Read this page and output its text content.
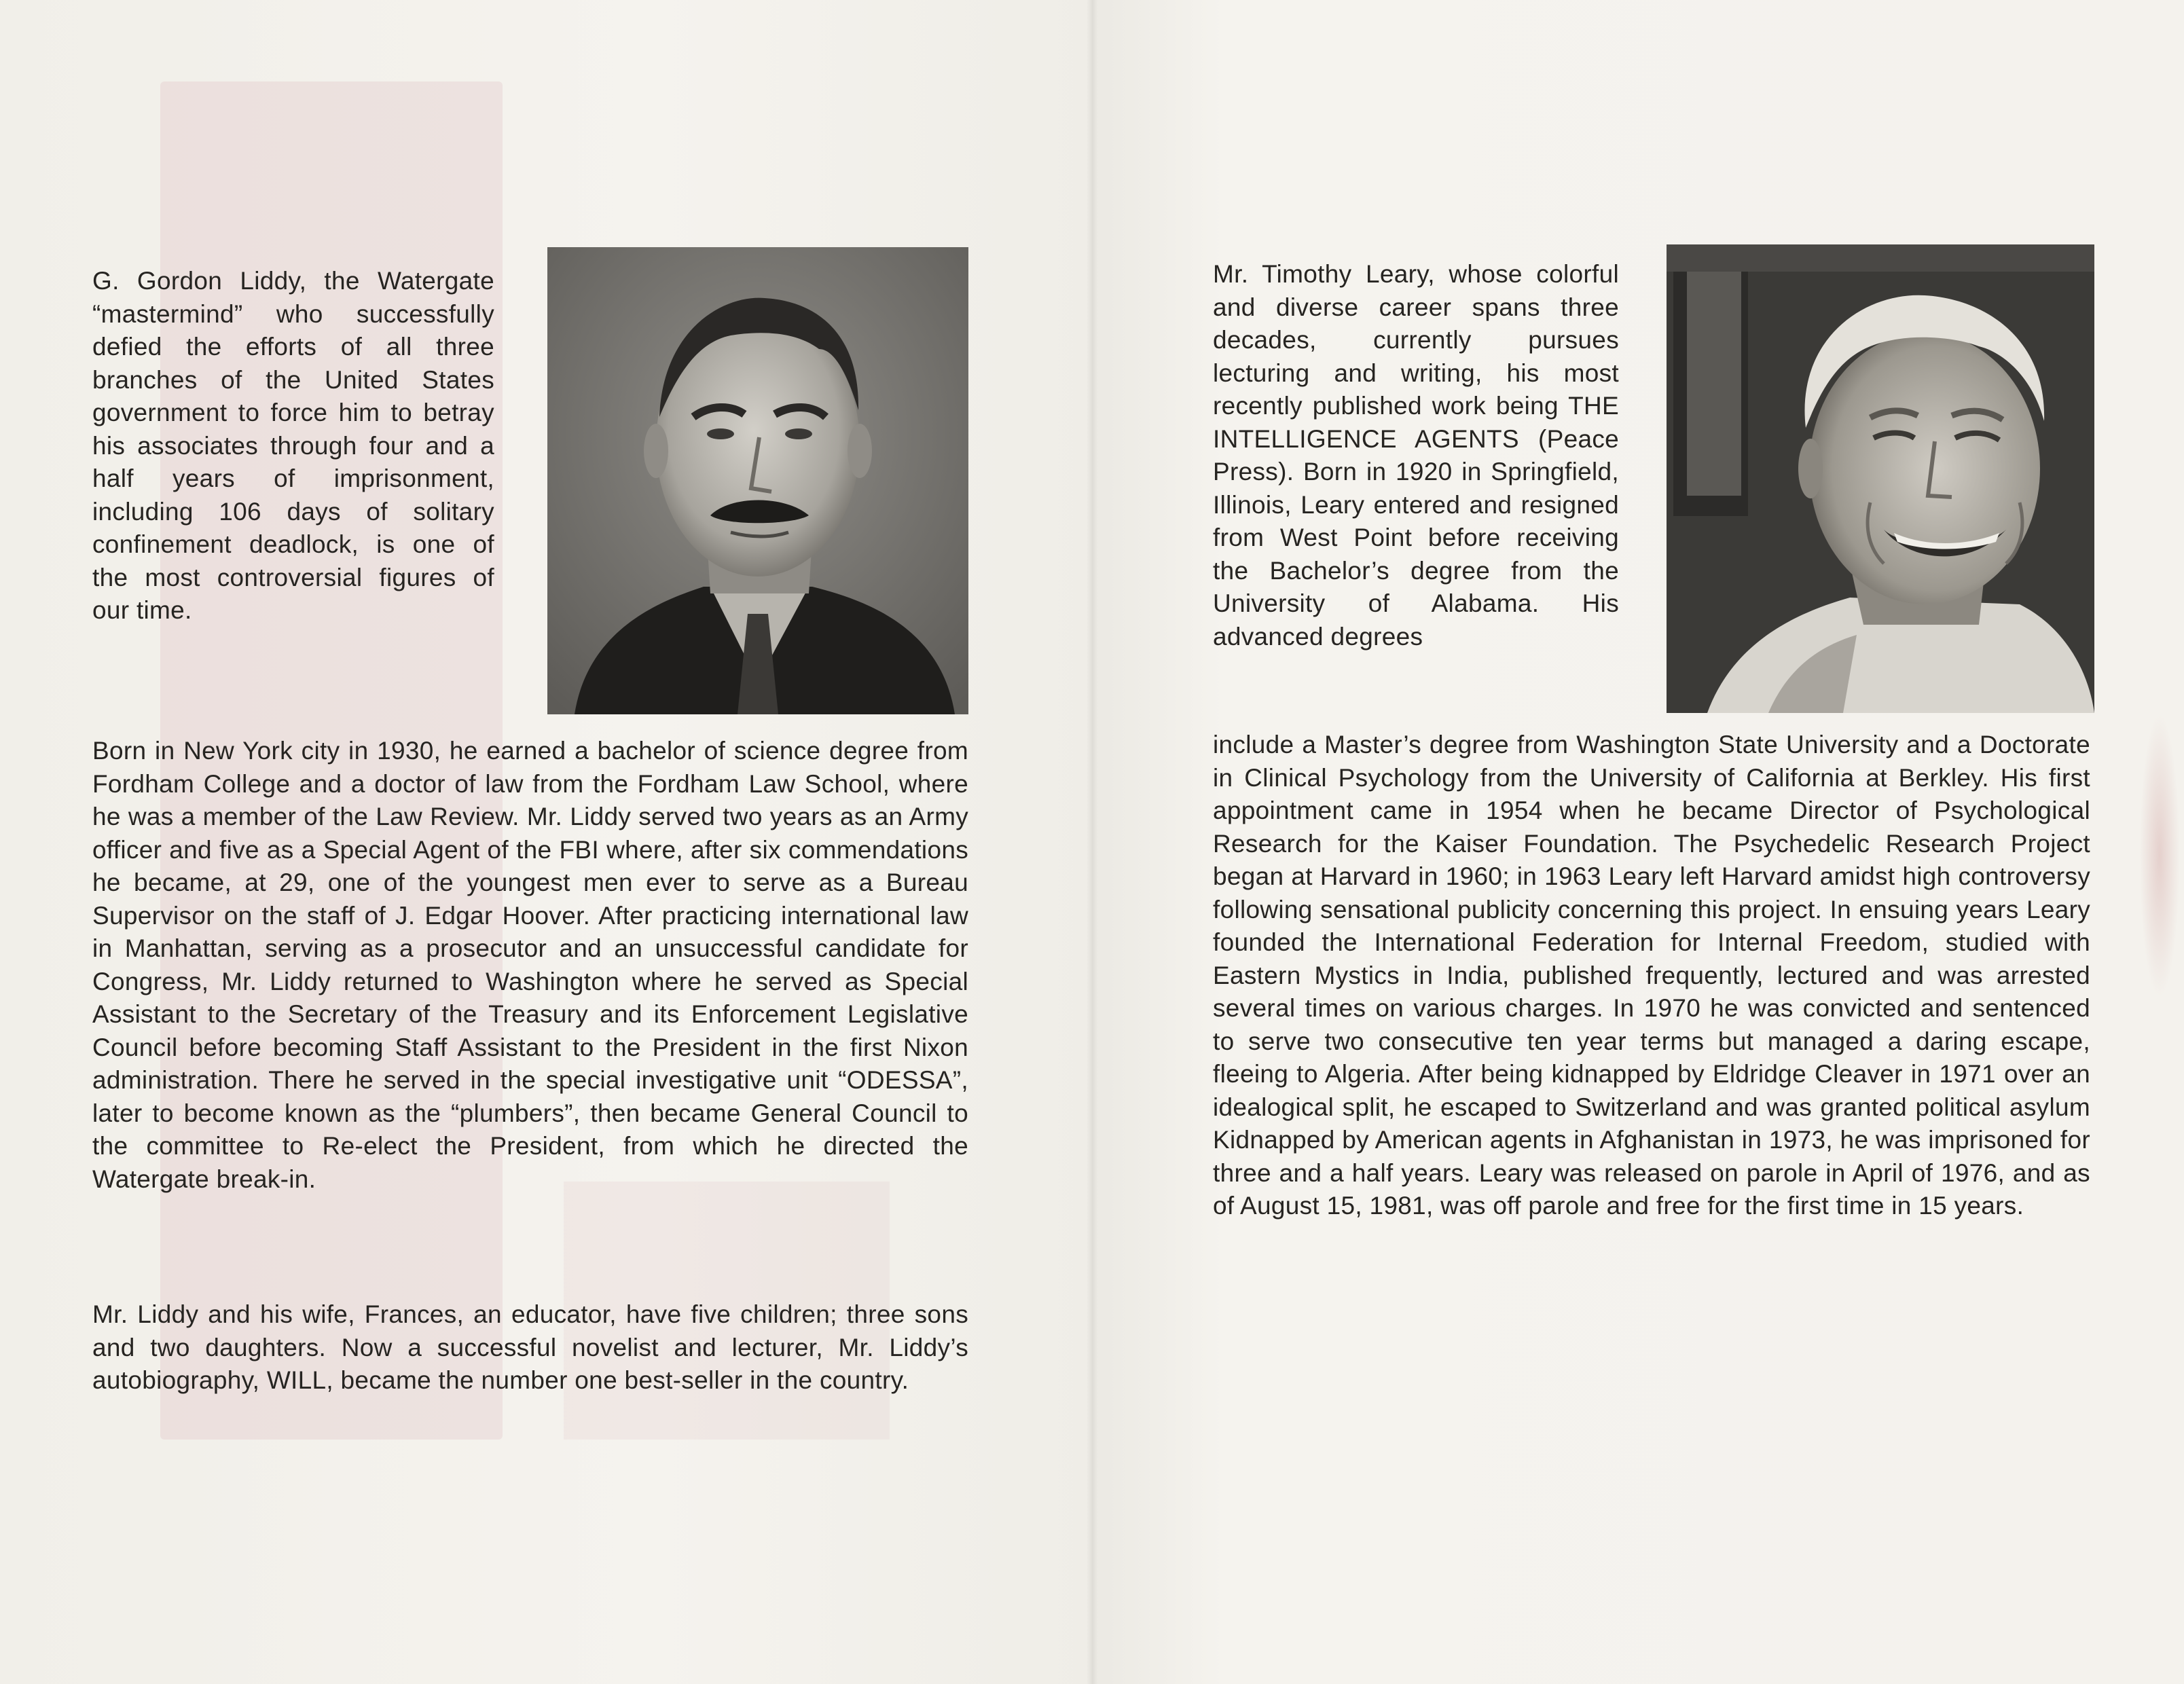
G. Gordon Liddy, the Watergate “mastermind” who successfully defied the efforts of all three branches of the United States government to force him to betray his associates through four and a half years of imprisonment, including 106 days of solitary confinement deadlock, is one of the most controversial figures of our time.

Born in New York city in 1930, he earned a bachelor of science degree from Fordham College and a doctor of law from the Fordham Law School, where he was a member of the Law Review. Mr. Liddy served two years as an Army officer and five as a Special Agent of the FBI where, after six commendations he became, at 29, one of the youngest men ever to serve as a Bureau Supervisor on the staff of J. Edgar Hoover. After practicing international law in Manhattan, serving as a prosecutor and an unsuccessful candidate for Congress, Mr. Liddy returned to Washington where he served as Special Assistant to the Secretary of the Treasury and its Enforcement Legislative Council before becoming Staff Assistant to the President in the first Nixon administration. There he served in the special investigative unit “ODESSA”, later to become known as the “plumbers”, then became General Council to the committee to Re-elect the President, from which he directed the Watergate break-in.

Mr. Liddy and his wife, Frances, an educator, have five children; three sons and two daughters. Now a successful novelist and lecturer, Mr. Liddy’s autobiography, WILL, became the number one best-seller in the country.

Mr. Timothy Leary, whose colorful and diverse career spans three decades, currently pursues lecturing and writing, his most recently published work being THE INTELLIGENCE AGENTS (Peace Press). Born in 1920 in Springfield, Illinois, Leary entered and resigned from West Point before receiving the Bachelor’s degree from the University of Alabama. His advanced degrees

include a Master’s degree from Washington State University and a Doctorate in Clinical Psychology from the University of California at Berkley. His first appointment came in 1954 when he became Director of Psychological Research for the Kaiser Foundation. The Psychedelic Research Project began at Harvard in 1960; in 1963 Leary left Harvard amidst high controversy following sensational publicity concerning this project. In ensuing years Leary founded the International Federation for Internal Freedom, studied with Eastern Mystics in India, published frequently, lectured and was arrested several times on various charges. In 1970 he was convicted and sentenced to serve two consecutive ten year terms but managed a daring escape, fleeing to Algeria. After being kidnapped by Eldridge Cleaver in 1971 over an idealogical split, he escaped to Switzerland and was granted political asylum Kidnapped by American agents in Afghanistan in 1973, he was imprisoned for three and a half years. Leary was released on parole in April of 1976, and as of August 15, 1981, was off parole and free for the first time in 15 years.
